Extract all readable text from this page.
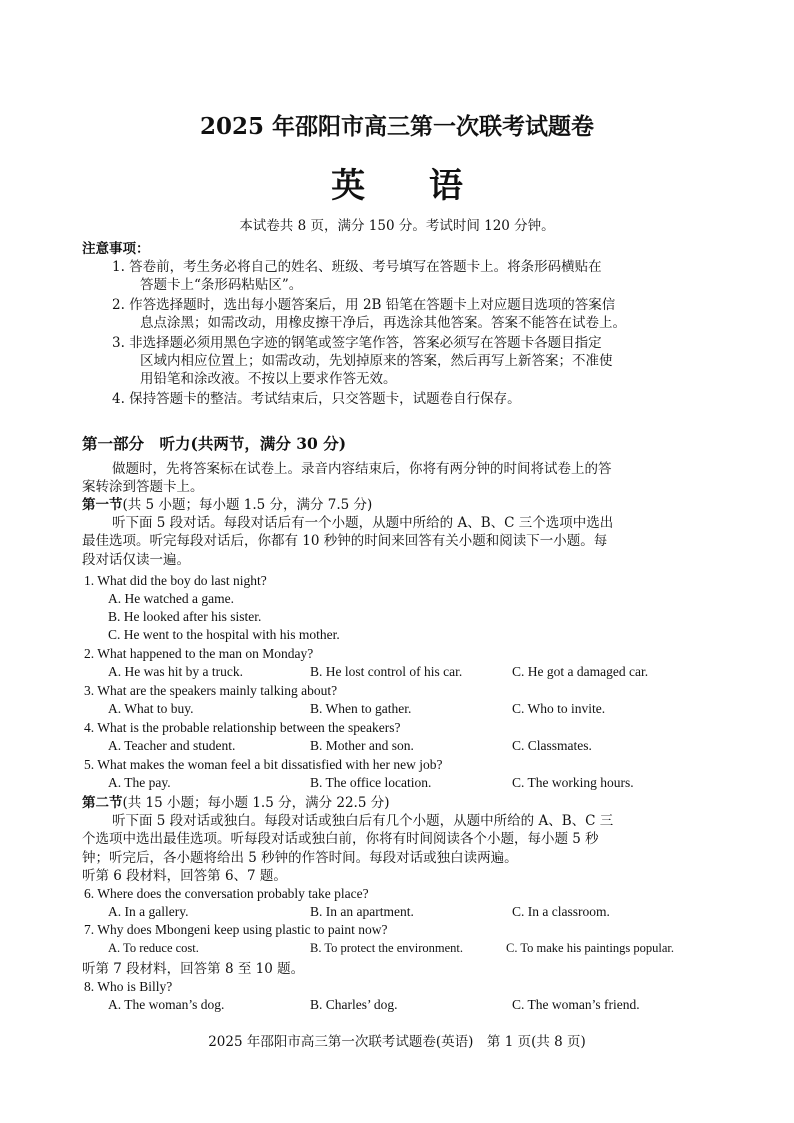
2025 年邵阳市高三第一次联考试题卷
英 语
本试卷共 8 页，满分 150 分。考试时间 120 分钟。
注意事项：
1. 答卷前，考生务必将自己的姓名、班级、考号填写在答题卡上。将条形码横贴在
答题卡上“条形码粘贴区”。
2. 作答选择题时，选出每小题答案后，用 2B 铅笔在答题卡上对应题目选项的答案信
息点涂黑；如需改动，用橡皮擦干净后，再选涂其他答案。答案不能答在试卷上。
3. 非选择题必须用黑色字迹的钢笔或签字笔作答，答案必须写在答题卡各题目指定
区域内相应位置上；如需改动，先划掉原来的答案，然后再写上新答案；不准使
用铅笔和涂改液。不按以上要求作答无效。
4. 保持答题卡的整洁。考试结束后，只交答题卡，试题卷自行保存。
第一部分　听力(共两节，满分 30 分)
做题时，先将答案标在试卷上。录音内容结束后，你将有两分钟的时间将试卷上的答
案转涂到答题卡上。
第一节(共 5 小题；每小题 1.5 分，满分 7.5 分)
听下面 5 段对话。每段对话后有一个小题，从题中所给的 A、B、C 三个选项中选出
最佳选项。听完每段对话后，你都有 10 秒钟的时间来回答有关小题和阅读下一小题。每
段对话仅读一遍。
1. What did the boy do last night?
A. He watched a game.
B. He looked after his sister.
C. He went to the hospital with his mother.
2. What happened to the man on Monday?
A. He was hit by a truck.	B. He lost control of his car.	C. He got a damaged car.
3. What are the speakers mainly talking about?
A. What to buy.	B. When to gather.	C. Who to invite.
4. What is the probable relationship between the speakers?
A. Teacher and student.	B. Mother and son.	C. Classmates.
5. What makes the woman feel a bit dissatisfied with her new job?
A. The pay.	B. The office location.	C. The working hours.
第二节(共 15 小题；每小题 1.5 分，满分 22.5 分)
听下面 5 段对话或独白。每段对话或独白后有几个小题，从题中所给的 A、B、C 三
个选项中选出最佳选项。听每段对话或独白前，你将有时间阅读各个小题，每小题 5 秒
钟；听完后，各小题将给出 5 秒钟的作答时间。每段对话或独白读两遍。
听第 6 段材料，回答第 6、7 题。
6. Where does the conversation probably take place?
A. In a gallery.	B. In an apartment.	C. In a classroom.
7. Why does Mbongeni keep using plastic to paint now?
A. To reduce cost.	B. To protect the environment.	C. To make his paintings popular.
听第 7 段材料，回答第 8 至 10 题。
8. Who is Billy?
A. The woman’s dog.	B. Charles’ dog.	C. The woman’s friend.
2025 年邵阳市高三第一次联考试题卷(英语)　第 1 页(共 8 页)
